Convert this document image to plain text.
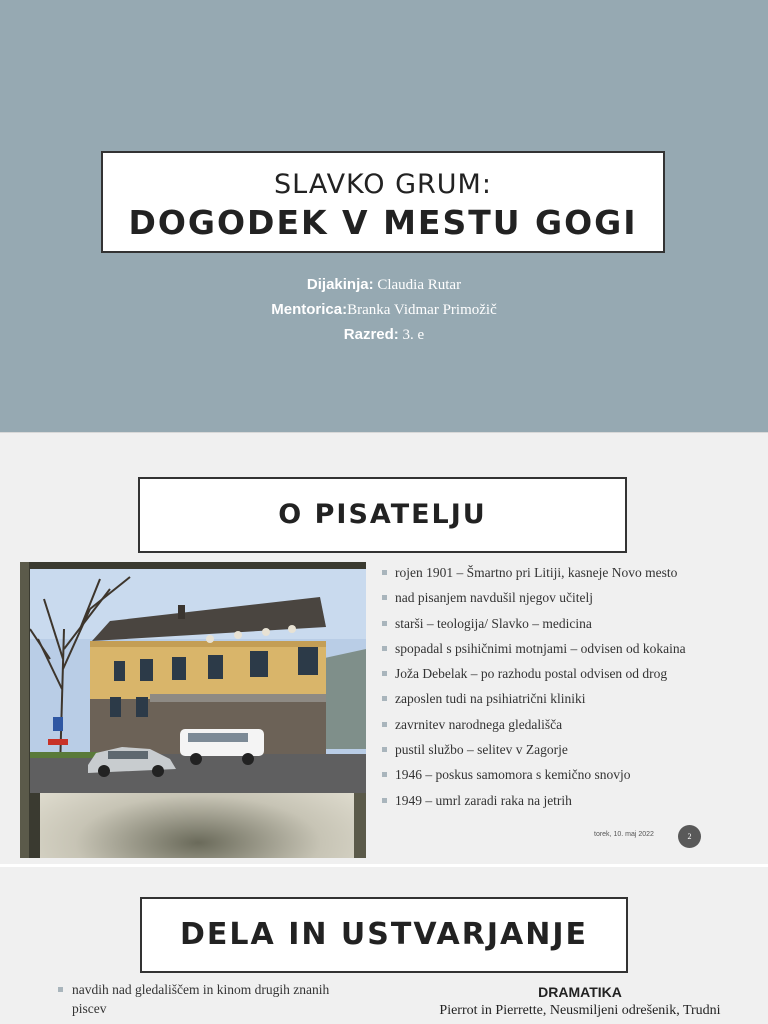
SLAVKO GRUM:
DOGODEK V MESTU GOGI
Dijakinja: Claudia Rutar
Mentorica:Branka Vidmar Primožič
Razred: 3. e
O PISATELJU
rojen 1901 – Šmartno pri Litiji, kasneje Novo mesto
nad pisanjem navdušil njegov učitelj
starši – teologija/ Slavko – medicina
spopadal s psihičnimi motnjami – odvisen od kokaina
Joža Debelak – po razhodu postal odvisen od drog
zaposlen tudi na psihiatrični kliniki
zavrnitev narodnega gledališča
pustil službo – selitev v Zagorje
1946 – poskus samomora s kemično snovjo
1949 – umrl zaradi raka na jetrih
torek, 10. maj 2022	2
DELA IN USTVARJANJE
navdih nad gledališčem in kinom drugih znanih
piscev
DRAMATIKA
Pierrot in Pierrette, Neusmiljeni odrešenik, Trudni
